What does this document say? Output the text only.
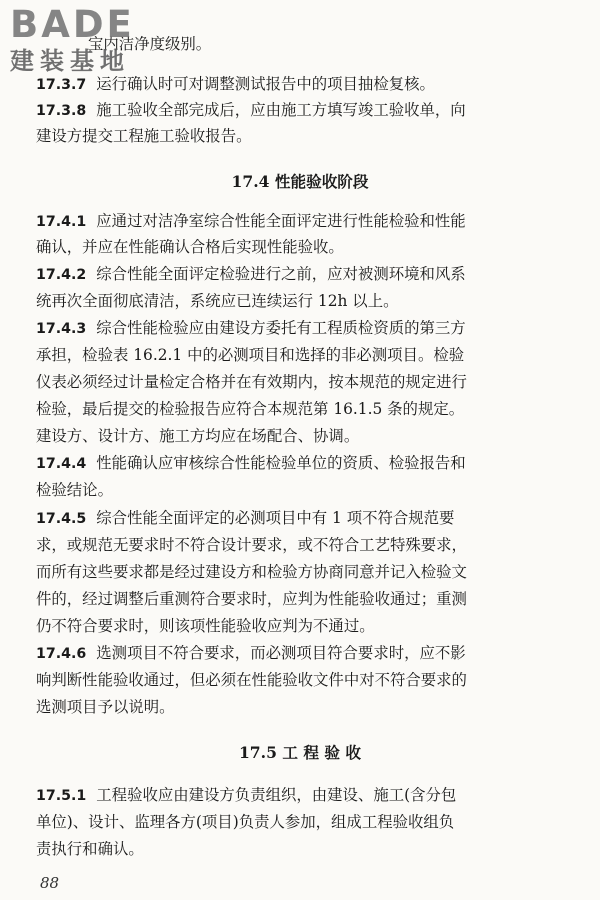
BADE
建装基地
宝内洁净度级别。
17.3.7 运行确认时可对调整测试报告中的项目抽检复核。
17.3.8 施工验收全部完成后，应由施工方填写竣工验收单，向
建设方提交工程施工验收报告。
17.4 性能验收阶段
17.4.1 应通过对洁净室综合性能全面评定进行性能检验和性能
确认，并应在性能确认合格后实现性能验收。
17.4.2 综合性能全面评定检验进行之前，应对被测环境和风系
统再次全面彻底清洁，系统应已连续运行 12h 以上。
17.4.3 综合性能检验应由建设方委托有工程质检资质的第三方
承担，检验表 16.2.1 中的必测项目和选择的非必测项目。检验
仪表必须经过计量检定合格并在有效期内，按本规范的规定进行
检验，最后提交的检验报告应符合本规范第 16.1.5 条的规定。
建设方、设计方、施工方均应在场配合、协调。
17.4.4 性能确认应审核综合性能检验单位的资质、检验报告和
检验结论。
17.4.5 综合性能全面评定的必测项目中有 1 项不符合规范要
求，或规范无要求时不符合设计要求，或不符合工艺特殊要求，
而所有这些要求都是经过建设方和检验方协商同意并记入检验文
件的，经过调整后重测符合要求时，应判为性能验收通过；重测
仍不符合要求时，则该项性能验收应判为不通过。
17.4.6 选测项目不符合要求，而必测项目符合要求时，应不影
响判断性能验收通过，但必须在性能验收文件中对不符合要求的
选测项目予以说明。
17.5 工 程 验 收
17.5.1 工程验收应由建设方负责组织，由建设、施工(含分包
单位)、设计、监理各方(项目)负责人参加，组成工程验收组负
责执行和确认。
88
